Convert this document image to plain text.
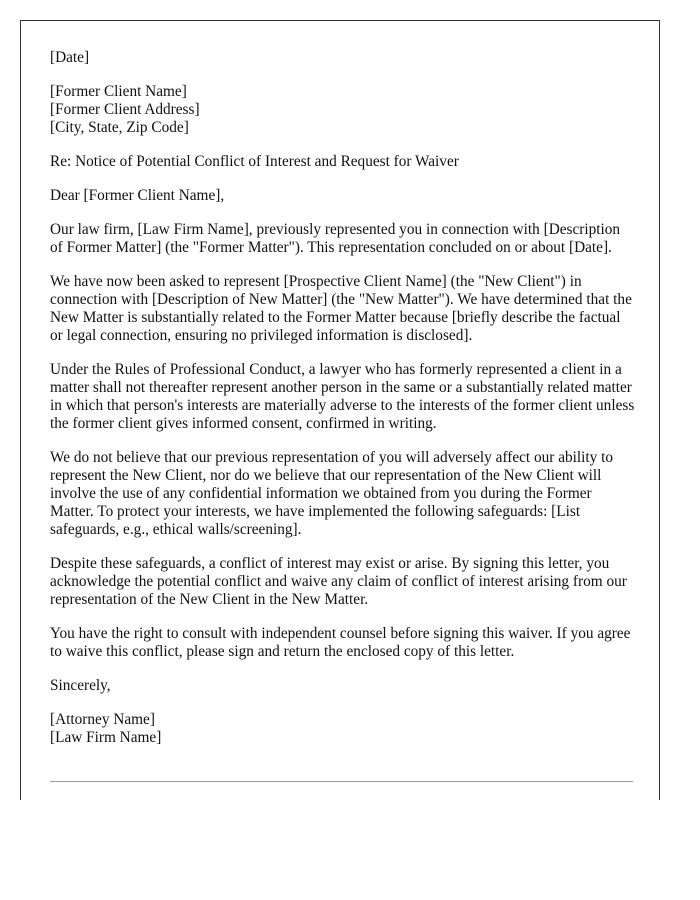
[Date]

[Former Client Name]
[Former Client Address]
[City, State, Zip Code]

Re: Notice of Potential Conflict of Interest and Request for Waiver

Dear [Former Client Name],

Our law firm, [Law Firm Name], previously represented you in connection with [Description of Former Matter] (the "Former Matter"). This representation concluded on or about [Date].

We have now been asked to represent [Prospective Client Name] (the "New Client") in connection with [Description of New Matter] (the "New Matter"). We have determined that the New Matter is substantially related to the Former Matter because [briefly describe the factual or legal connection, ensuring no privileged information is disclosed].

Under the Rules of Professional Conduct, a lawyer who has formerly represented a client in a matter shall not thereafter represent another person in the same or a substantially related matter in which that person's interests are materially adverse to the interests of the former client unless the former client gives informed consent, confirmed in writing.

We do not believe that our previous representation of you will adversely affect our ability to represent the New Client, nor do we believe that our representation of the New Client will involve the use of any confidential information we obtained from you during the Former Matter. To protect your interests, we have implemented the following safeguards: [List safeguards, e.g., ethical walls/screening].

Despite these safeguards, a conflict of interest may exist or arise. By signing this letter, you acknowledge the potential conflict and waive any claim of conflict of interest arising from our representation of the New Client in the New Matter.

You have the right to consult with independent counsel before signing this waiver. If you agree to waive this conflict, please sign and return the enclosed copy of this letter.

Sincerely,

[Attorney Name]
[Law Firm Name]
